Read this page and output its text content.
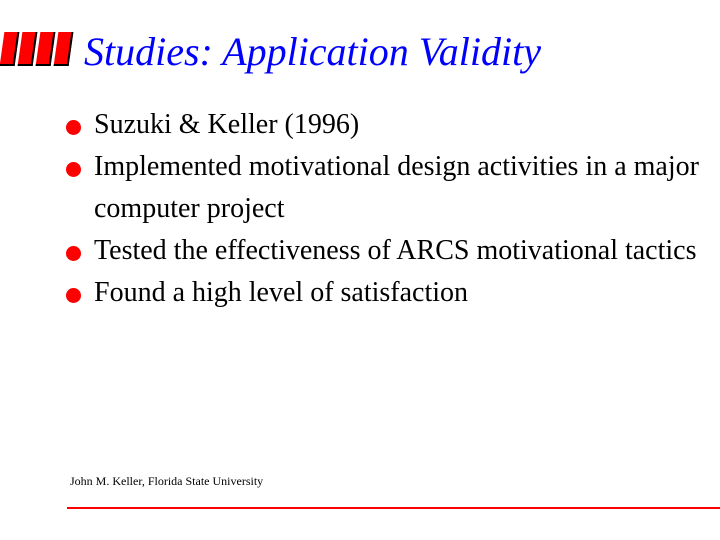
Studies: Application Validity
Suzuki & Keller (1996)
Implemented motivational design activities in a major computer project
Tested the effectiveness of ARCS motivational tactics
Found a high level of satisfaction
John M. Keller, Florida State University
